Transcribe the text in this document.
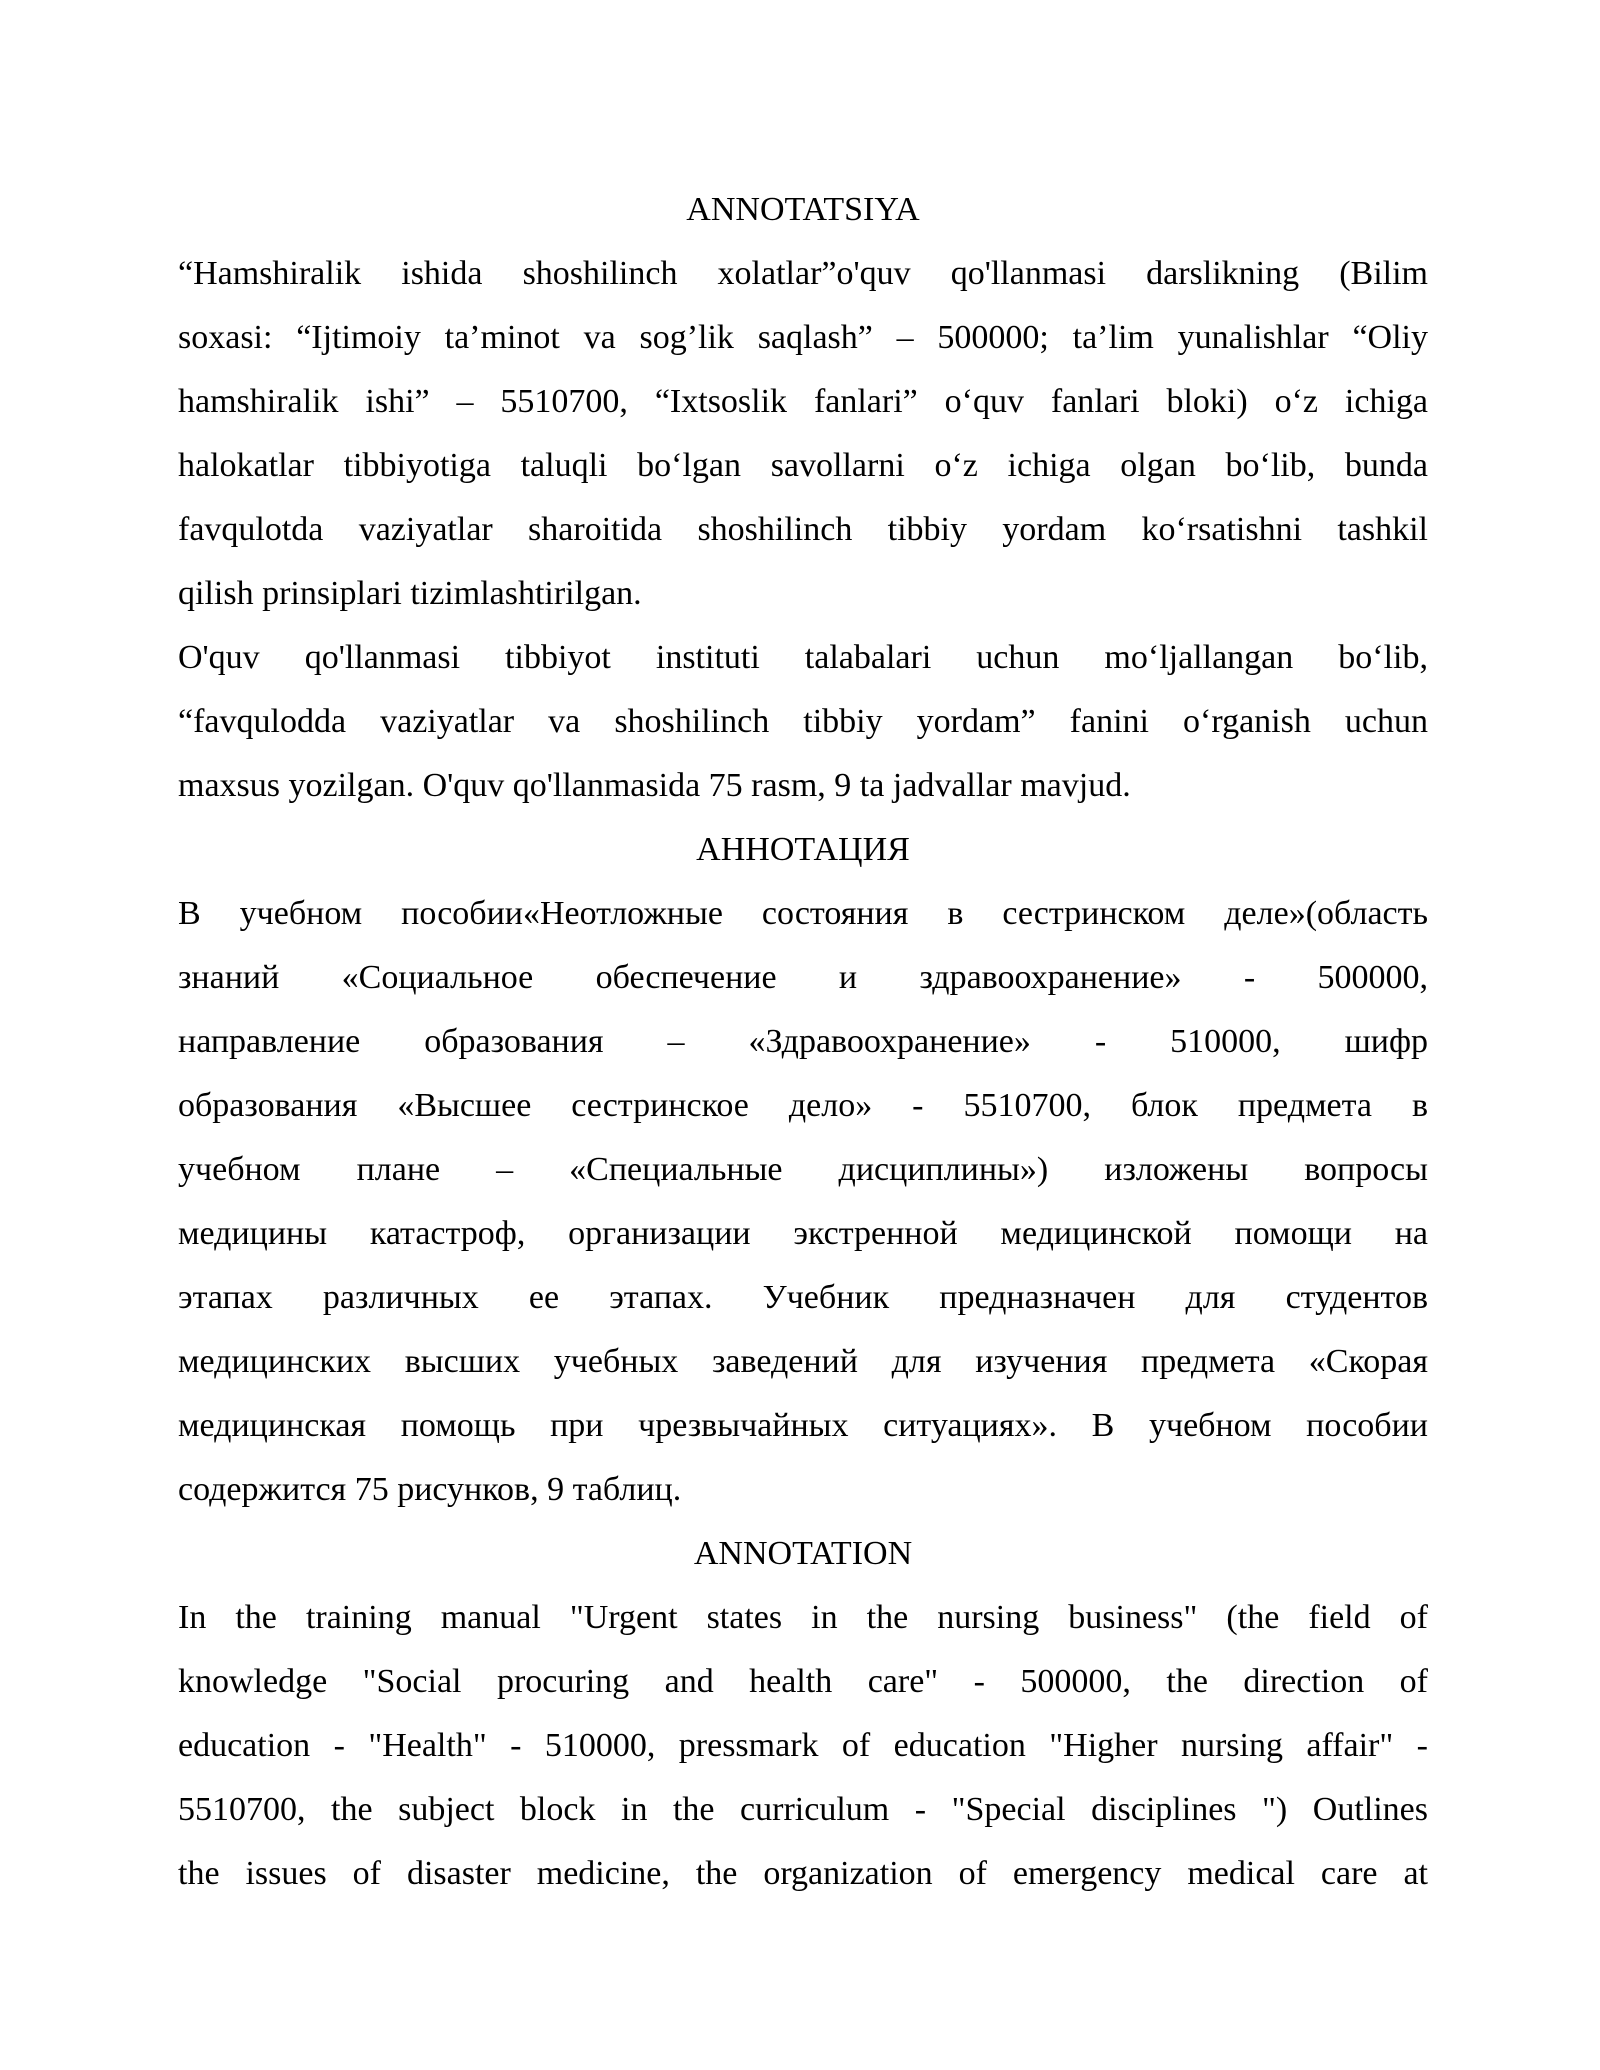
ANNOTATSIYA
“Hamshiralik ishida shoshilinch xolatlar”o'quv qo'llanmasi darslikning (Bilim
soxasi: “Ijtimoiy ta’minot va sog’lik saqlash” – 500000; ta’lim yunalishlar “Oliy
hamshiralik ishi” – 5510700, “Ixtsoslik fanlari” oʻquv fanlari bloki) oʻz ichiga
halokatlar tibbiyotiga taluqli boʻlgan savollarni oʻz ichiga olgan boʻlib, bunda
favqulotda vaziyatlar sharoitida shoshilinch tibbiy yordam koʻrsatishni tashkil
qilish prinsiplari tizimlashtirilgan.
O'quv qo'llanmasi tibbiyot instituti talabalari uchun moʻljallangan boʻlib,
“favqulodda vaziyatlar va shoshilinch tibbiy yordam” fanini oʻrganish uchun
maxsus yozilgan. O'quv qo'llanmasida 75 rasm, 9 ta jadvallar mavjud.
АННОТАЦИЯ
В учебном пособии«Неотложные состояния в сестринском деле»(область
знаний «Социальное обеспечение и здравоохранение» - 500000,
направление образования – «Здравоохранение» - 510000, шифр
образования «Высшее сестринское дело» - 5510700, блок предмета в
учебном плане – «Специальные дисциплины») изложены вопросы
медицины катастроф, организации экстренной медицинской помощи на
этапах различных ее этапах. Учебник предназначен для студентов
медицинских высших учебных заведений для изучения предмета «Скорая
медицинская помощь при чрезвычайных ситуациях». В учебном пособии
содержится 75 рисунков, 9 таблиц.
ANNOTATION
In the training manual "Urgent states in the nursing business" (the field of
knowledge "Social procuring and health care" - 500000, the direction of
education - "Health" - 510000, pressmark of education "Higher nursing affair" -
5510700, the subject block in the curriculum - "Special disciplines ") Outlines
the issues of disaster medicine, the organization of emergency medical care at
